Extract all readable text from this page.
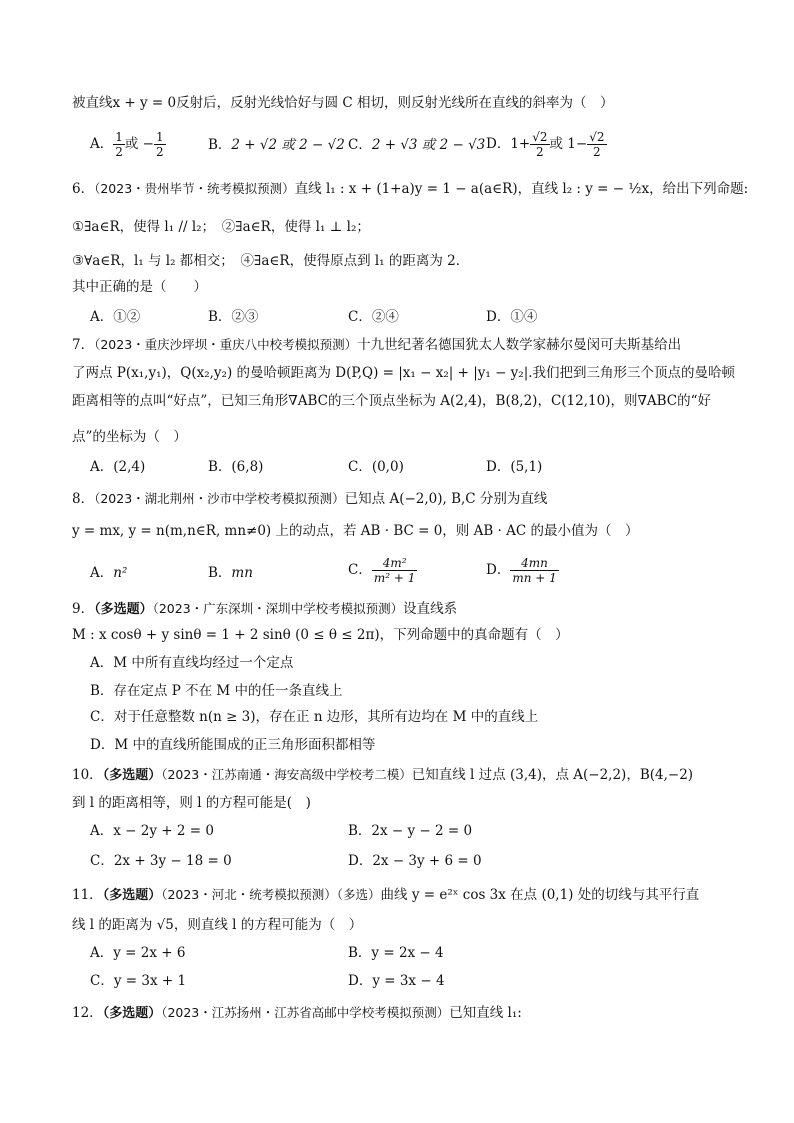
被直线x + y = 0反射后，反射光线恰好与圆 C 相切，则反射光线所在直线的斜率为（　）
A． $\frac{1}{2}$ 或 − $\frac{1}{2}$	B．2 + √2 或 2 − √2 C．2 + √3 或 2 − √3 D．$1+ \frac{√2}{2}$ 或 $1- \frac{√2}{2}$
6．（2023・贵州毕节・统考模拟预测）直线 l₁ : x + (1+a)y = 1 − a(a∈R)，直线 l₂ : y = − ½x，给出下列命题:
①∃a∈R，使得 l₁ // l₂；　②∃a∈R，使得 l₁ ⊥ l₂；
③∀a∈R，l₁ 与 l₂ 都相交；　④∃a∈R，使得原点到 l₁ 的距离为 2．
其中正确的是（　　）
A．①②	B．②③	C．②④	D．①④
7．（2023・重庆沙坪坝・重庆八中校考模拟预测）十九世纪著名德国犹太人数学家赫尔曼闵可夫斯基给出
了两点 P(x₁,y₁)，Q(x₂,y₂) 的曼哈顿距离为 D(P,Q) = |x₁ − x₂| + |y₁ − y₂|.我们把到三角形三个顶点的曼哈顿
距离相等的点叫“好点”，已知三角形∇ABC的三个顶点坐标为 A(2,4)，B(8,2)，C(12,10)，则∇ABC的“好
点”的坐标为（　）
A．(2,4)	B．(6,8)	C．(0,0)	D．(5,1)
8．（2023・湖北荆州・沙市中学校考模拟预测）已知点 A(−2,0), B,C 分别为直线
y = mx, y = n(m,n∈R, mn≠0) 上的动点，若 AB · BC = 0，则 AB · AC 的最小值为（　）
A．n²	B．mn	C． $\frac{\text{4m²}}{\text{m² + 1}}$	D． $\frac{4mn}{mn + 1}$
9．（多选题）（2023・广东深圳・深圳中学校考模拟预测）设直线系
M : x cosθ + y sinθ = 1 + 2 sinθ (0 ≤ θ ≤ 2π)，下列命题中的真命题有（　）
A．M 中所有直线均经过一个定点
B．存在定点 P 不在 M 中的任一条直线上
C．对于任意整数 n(n ≥ 3)，存在正 n 边形，其所有边均在 M 中的直线上
D．M 中的直线所能围成的正三角形面积都相等
10．（多选题）（2023・江苏南通・海安高级中学校考二模）已知直线 l 过点 (3,4)，点 A(−2,2)，B(4,−2)
到 l 的距离相等，则 l 的方程可能是(　)
A．x − 2y + 2 = 0	B．2x − y − 2 = 0
C．2x + 3y − 18 = 0	D．2x − 3y + 6 = 0
11．（多选题）（2023・河北・统考模拟预测）（多选）曲线 y = e²ˣ cos 3x 在点 (0,1) 处的切线与其平行直
线 l 的距离为 √5，则直线 l 的方程可能为（　）
A．y = 2x + 6	B．y = 2x − 4
C．y = 3x + 1	D．y = 3x − 4
12．（多选题）（2023・江苏扬州・江苏省高邮中学校考模拟预测）已知直线 l₁:
